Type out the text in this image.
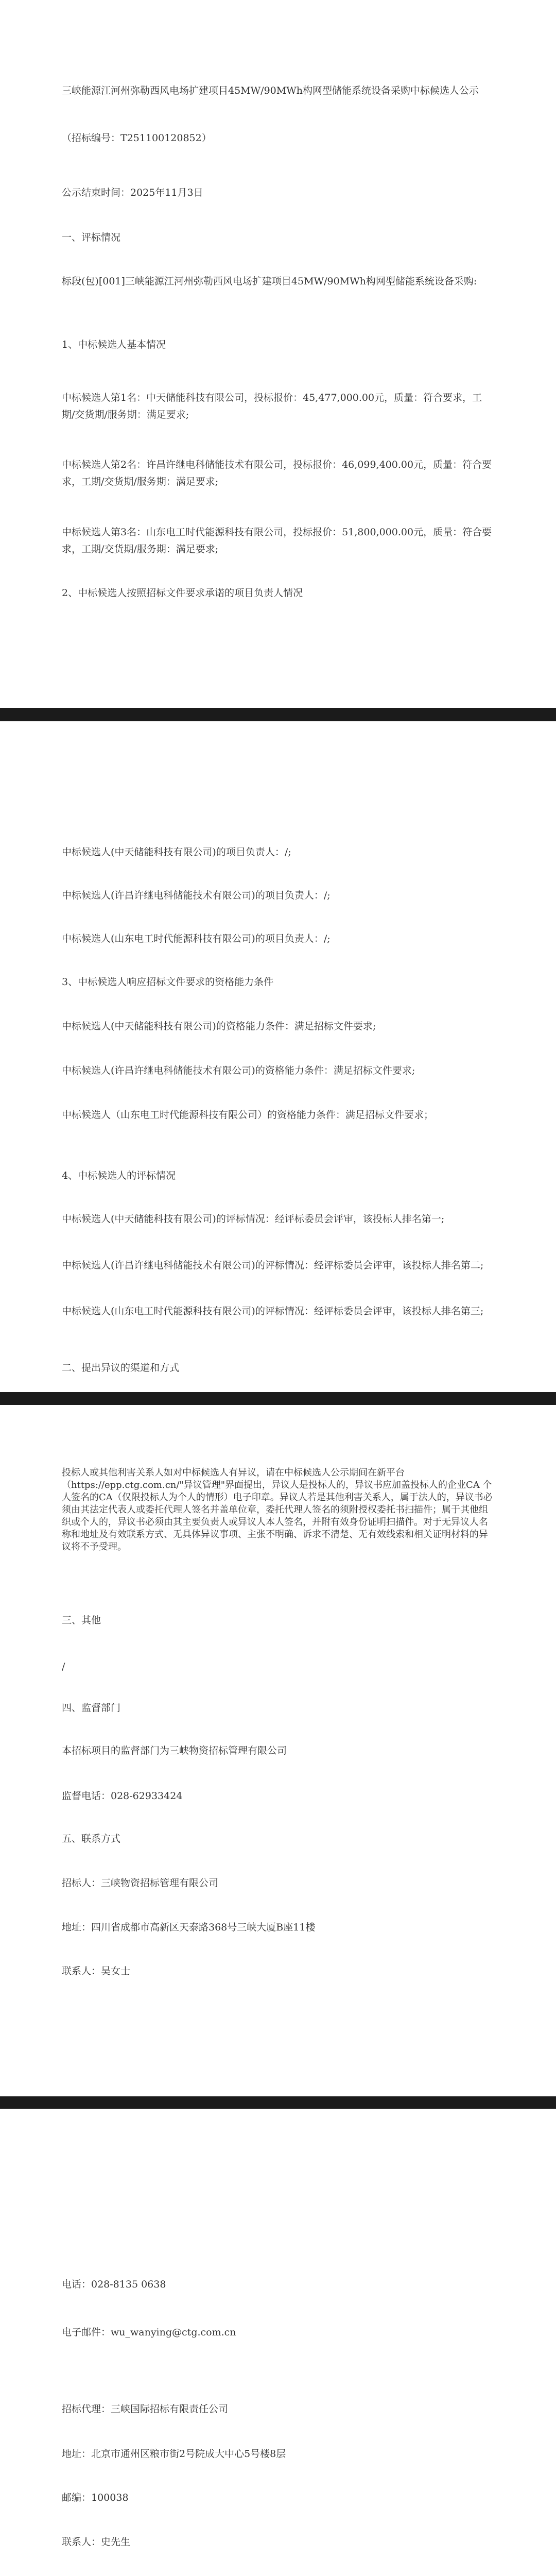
三峡能源江河州弥勒西风电场扩建项目45MW/90MWh构网型储能系统设备采购中标候选人公示

（招标编号：T251100120852）

公示结束时间：2025年11月3日

一、评标情况

标段(包)[001]三峡能源江河州弥勒西风电场扩建项目45MW/90MWh构网型储能系统设备采购:

1、中标候选人基本情况

中标候选人第1名：中天储能科技有限公司，投标报价：45,477,000.00元，质量：符合要求，工期/交货期/服务期：满足要求;

中标候选人第2名：许昌许继电科储能技术有限公司，投标报价：46,099,400.00元，质量：符合要求，工期/交货期/服务期：满足要求;

中标候选人第3名：山东电工时代能源科技有限公司，投标报价：51,800,000.00元，质量：符合要求，工期/交货期/服务期：满足要求;

2、中标候选人按照招标文件要求承诺的项目负责人情况

中标候选人(中天储能科技有限公司)的项目负责人：/;

中标候选人(许昌许继电科储能技术有限公司)的项目负责人：/;

中标候选人(山东电工时代能源科技有限公司)的项目负责人：/;

3、中标候选人响应招标文件要求的资格能力条件

中标候选人(中天储能科技有限公司)的资格能力条件：满足招标文件要求;

中标候选人(许昌许继电科储能技术有限公司)的资格能力条件：满足招标文件要求;

中标候选人（山东电工时代能源科技有限公司）的资格能力条件：满足招标文件要求；

4、中标候选人的评标情况

中标候选人(中天储能科技有限公司)的评标情况：经评标委员会评审，该投标人排名第一;

中标候选人(许昌许继电科储能技术有限公司)的评标情况：经评标委员会评审，该投标人排名第二;

中标候选人(山东电工时代能源科技有限公司)的评标情况：经评标委员会评审，该投标人排名第三;

二、提出异议的渠道和方式

投标人或其他利害关系人如对中标候选人有异议，请在中标候选人公示期间在新平台（https://epp.ctg.com.cn/"异议管理"界面提出，异议人是投标人的，异议书应加盖投标人的企业CA 个人签名的CA（仅限投标人为个人的情形）电子印章。异议人若是其他利害关系人，属于法人的，异议书必须由其法定代表人或委托代理人签名并盖单位章，委托代理人签名的须附授权委托书扫描件；属于其他组织或个人的，异议书必须由其主要负责人或异议人本人签名，并附有效身份证明扫描件。对于无异议人名称和地址及有效联系方式、无具体异议事项、主张不明确、诉求不清楚、无有效线索和相关证明材料的异议将不予受理。

三、其他

/

四、监督部门

本招标项目的监督部门为三峡物资招标管理有限公司

监督电话：028-62933424

五、联系方式

招标人：三峡物资招标管理有限公司

地址：四川省成都市高新区天泰路368号三峡大厦B座11楼

联系人：吴女士

电话：028-8135 0638

电子邮件：wu_wanying@ctg.com.cn

招标代理：三峡国际招标有限责任公司

地址：北京市通州区粮市街2号院成大中心5号楼8层

邮编：100038

联系人：史先生
